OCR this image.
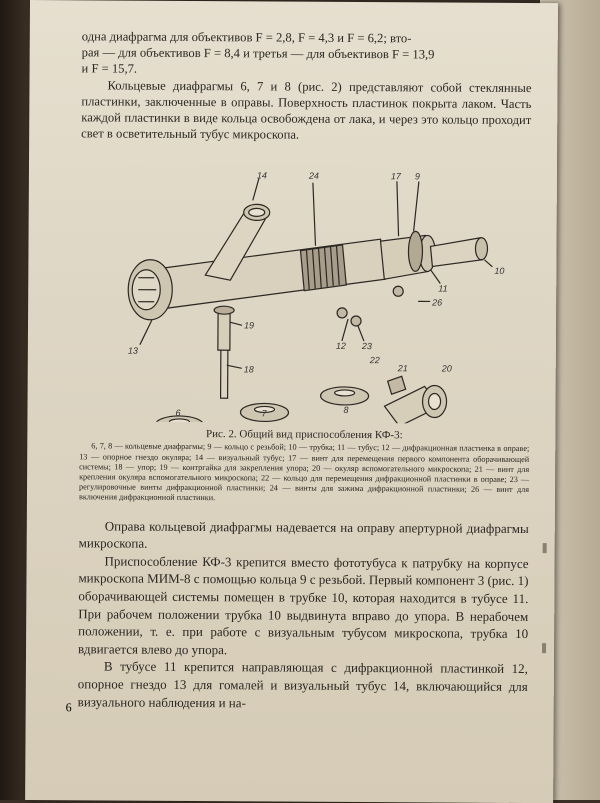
одна диафрагма для объективов F = 2,8, F = 4,3 и F = 6,2; вто-

рая — для объективов F = 8,4 и третья — для объективов F = 13,9

и F = 15,7.

Кольцевые диафрагмы 6, 7 и 8 (рис. 2) представляют собой стеклянные пластинки, заключенные в оправы. Поверхность пластинок покрыта лаком. Часть каждой пластинки в виде кольца освобождена от лака, и через это кольцо проходит свет в осветительный тубус микроскопа.

14	24	17 9
10
11
26
12 23
22
21	20
13
19
18
6	7	8

Рис. 2. Общий вид приспособления КФ-3:

6, 7, 8 — кольцевые диафрагмы; 9 — кольцо с резьбой; 10 — трубка; 11 — тубус; 12 — дифракционная пластинка в оправе; 13 — опорное гнездо окуляра; 14 — визуальный тубус; 17 — винт для перемещения первого компонента оборачивающей системы; 18 — упор; 19 — контргайка для закрепления упора; 20 — окуляр вспомогательного микроскопа; 21 — винт для крепления окуляра вспомогательного микроскопа; 22 — кольцо для перемещения дифракционной пластинки в оправе; 23 — регулировочные винты дифракционной пластинки; 24 — винты для зажима дифракционной пластинки; 26 — винт для включения дифракционной пластинки.

Оправа кольцевой диафрагмы надевается на оправу апертурной диафрагмы микроскопа.

Приспособление КФ-3 крепится вместо фототубуса к патрубку на корпусе микроскопа МИМ-8 с помощью кольца 9 с резьбой. Первый компонент 3 (рис. 1) оборачивающей системы помещен в трубке 10, которая находится в тубусе 11. При рабочем положении трубка 10 выдвинута вправо до упора. В нерабочем положении, т. е. при работе с визуальным тубусом микроскопа, трубка 10 вдвигается влево до упора.

В тубусе 11 крепится направляющая с дифракционной пластинкой 12, опорное гнездо 13 для гомалей и визуальный тубус 14, включающийся для визуального наблюдения и на-

6
